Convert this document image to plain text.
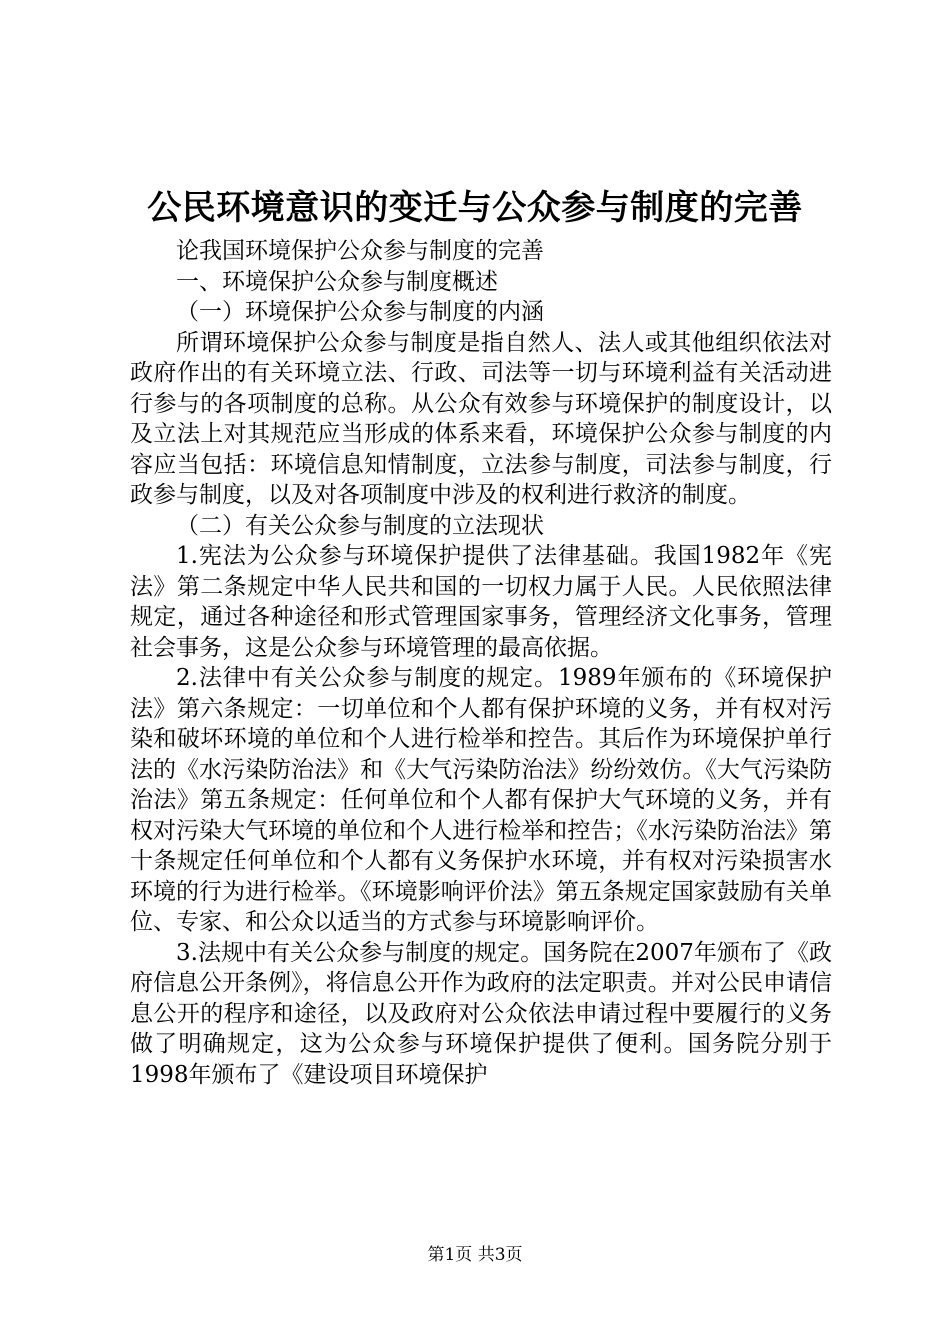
公民环境意识的变迁与公众参与制度的完善

论我国环境保护公众参与制度的完善

一、环境保护公众参与制度概述

（一）环境保护公众参与制度的内涵

所谓环境保护公众参与制度是指自然人、法人或其他组织依法对政府作出的有关环境立法、行政、司法等一切与环境利益有关活动进行参与的各项制度的总称。从公众有效参与环境保护的制度设计，以及立法上对其规范应当形成的体系来看，环境保护公众参与制度的内容应当包括：环境信息知情制度，立法参与制度，司法参与制度，行政参与制度，以及对各项制度中涉及的权利进行救济的制度。

（二）有关公众参与制度的立法现状

1.宪法为公众参与环境保护提供了法律基础。我国1982年《宪法》第二条规定中华人民共和国的一切权力属于人民。人民依照法律规定，通过各种途径和形式管理国家事务，管理经济文化事务，管理社会事务，这是公众参与环境管理的最高依据。

2.法律中有关公众参与制度的规定。1989年颁布的《环境保护法》第六条规定：一切单位和个人都有保护环境的义务，并有权对污染和破坏环境的单位和个人进行检举和控告。其后作为环境保护单行法的《水污染防治法》和《大气污染防治法》纷纷效仿。《大气污染防治法》第五条规定：任何单位和个人都有保护大气环境的义务，并有权对污染大气环境的单位和个人进行检举和控告；《水污染防治法》第十条规定任何单位和个人都有义务保护水环境，并有权对污染损害水环境的行为进行检举。《环境影响评价法》第五条规定国家鼓励有关单位、专家、和公众以适当的方式参与环境影响评价。

3.法规中有关公众参与制度的规定。国务院在2007年颁布了《政府信息公开条例》，将信息公开作为政府的法定职责。并对公民申请信息公开的程序和途径，以及政府对公众依法申请过程中要履行的义务做了明确规定，这为公众参与环境保护提供了便利。国务院分别于1998年颁布了《建设项目环境保护

第1页 共3页
